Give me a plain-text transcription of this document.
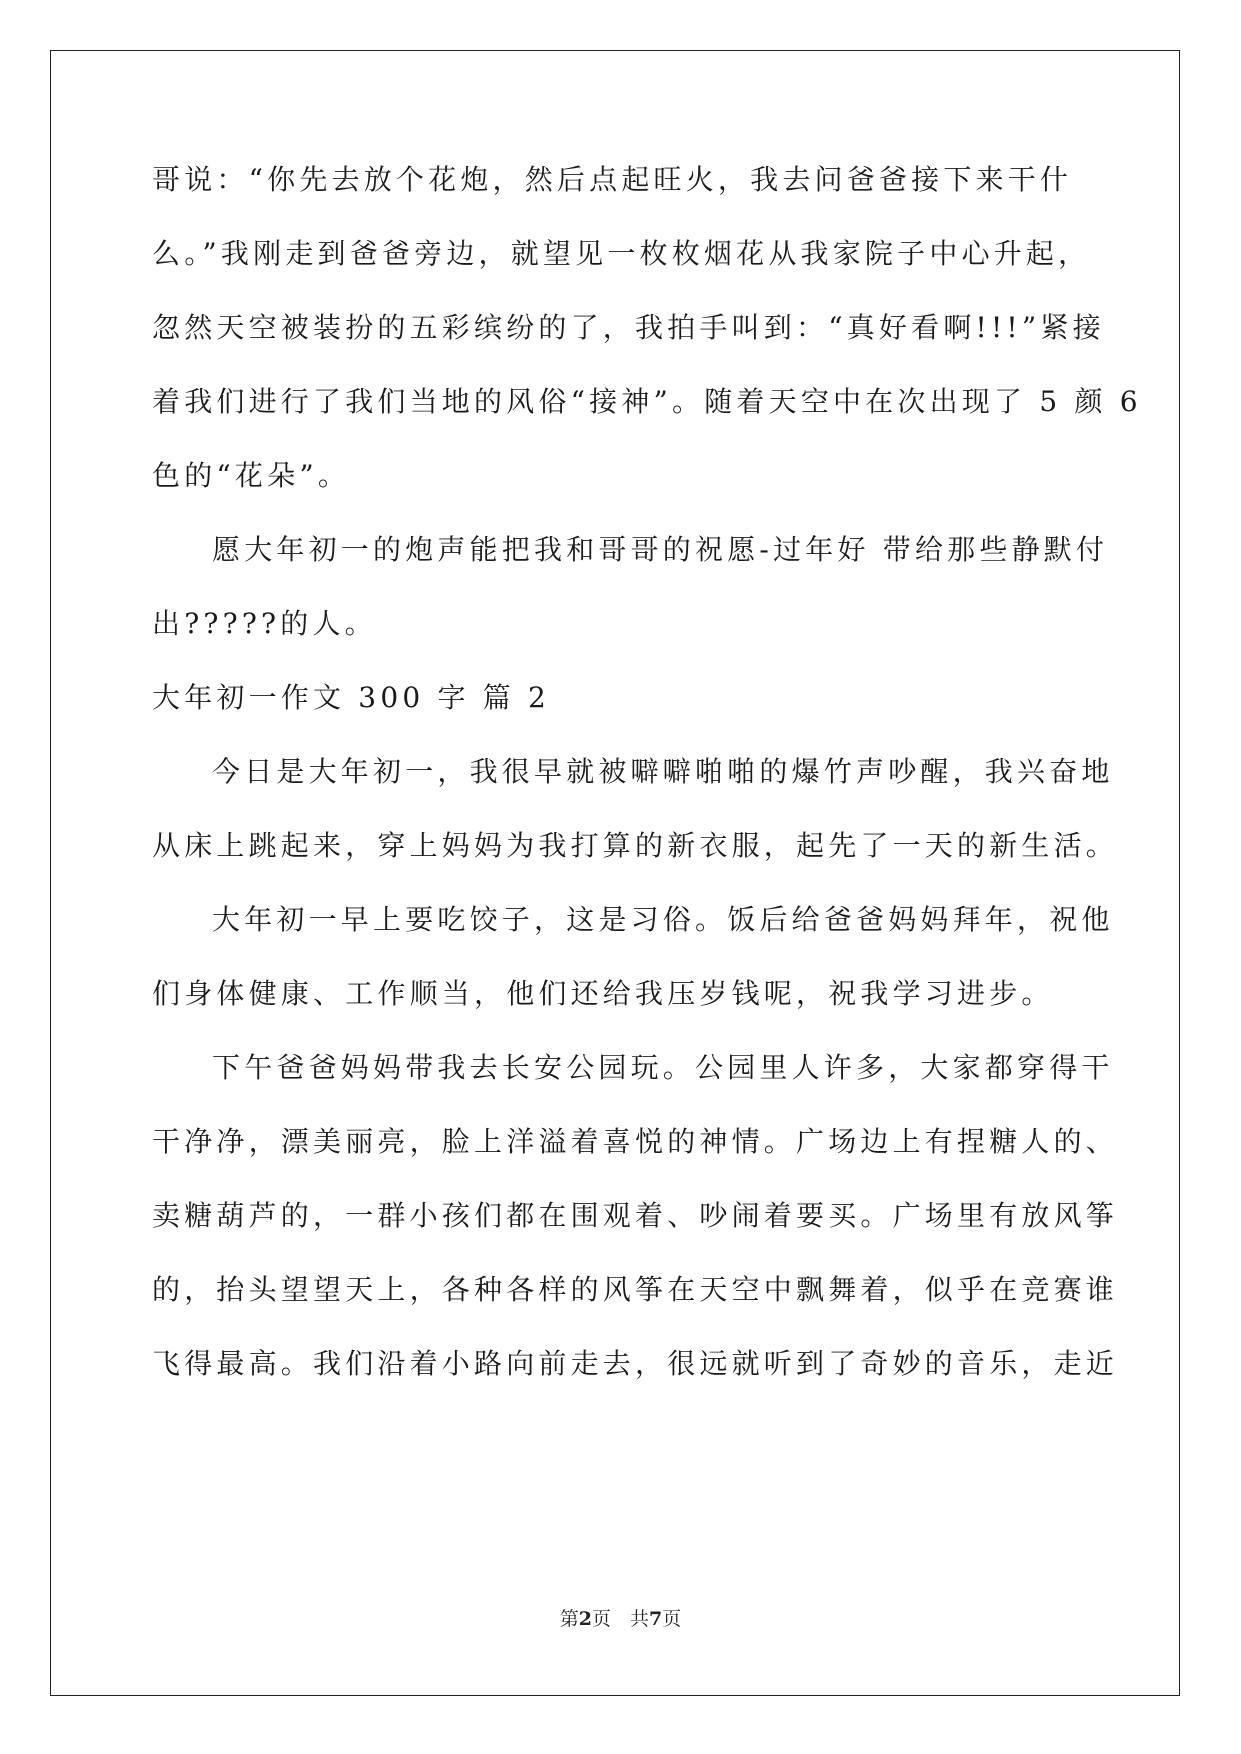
哥说：“你先去放个花炮，然后点起旺火，我去问爸爸接下来干什
么。”我刚走到爸爸旁边，就望见一枚枚烟花从我家院子中心升起，
忽然天空被装扮的五彩缤纷的了，我拍手叫到：“真好看啊!!!”紧接
着我们进行了我们当地的风俗“接神”。随着天空中在次出现了 5 颜 6
色的“花朵”。
愿大年初一的炮声能把我和哥哥的祝愿-过年好 带给那些静默付
出?????的人。
大年初一作文 300 字 篇 2
今日是大年初一，我很早就被噼噼啪啪的爆竹声吵醒，我兴奋地
从床上跳起来，穿上妈妈为我打算的新衣服，起先了一天的新生活。
大年初一早上要吃饺子，这是习俗。饭后给爸爸妈妈拜年，祝他
们身体健康、工作顺当，他们还给我压岁钱呢，祝我学习进步。
下午爸爸妈妈带我去长安公园玩。公园里人许多，大家都穿得干
干净净，漂美丽亮，脸上洋溢着喜悦的神情。广场边上有捏糖人的、
卖糖葫芦的，一群小孩们都在围观着、吵闹着要买。广场里有放风筝
的，抬头望望天上，各种各样的风筝在天空中飘舞着，似乎在竞赛谁
飞得最高。我们沿着小路向前走去，很远就听到了奇妙的音乐，走近
第2页　共7页
